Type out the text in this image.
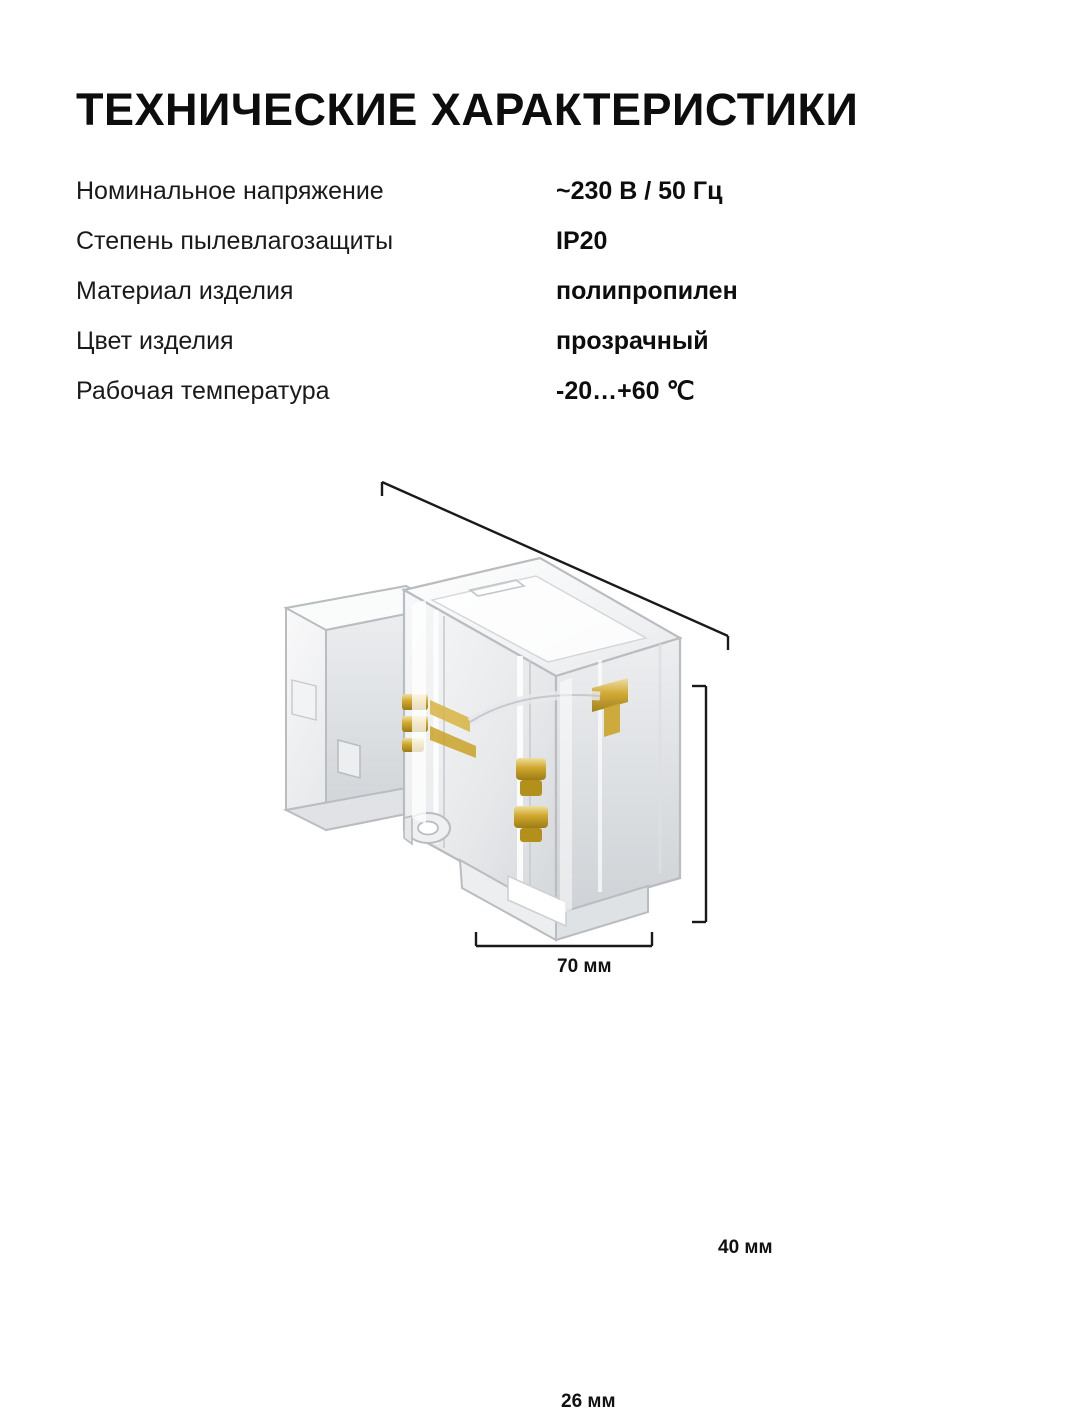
ТЕХНИЧЕСКИЕ ХАРАКТЕРИСТИКИ
Номинальное напряжение	~230 В / 50 Гц
Степень пылевлагозащиты	IP20
Материал изделия	полипропилен
Цвет изделия	прозрачный
Рабочая температура	-20…+60 ℃
70 мм
40 мм
26 мм
